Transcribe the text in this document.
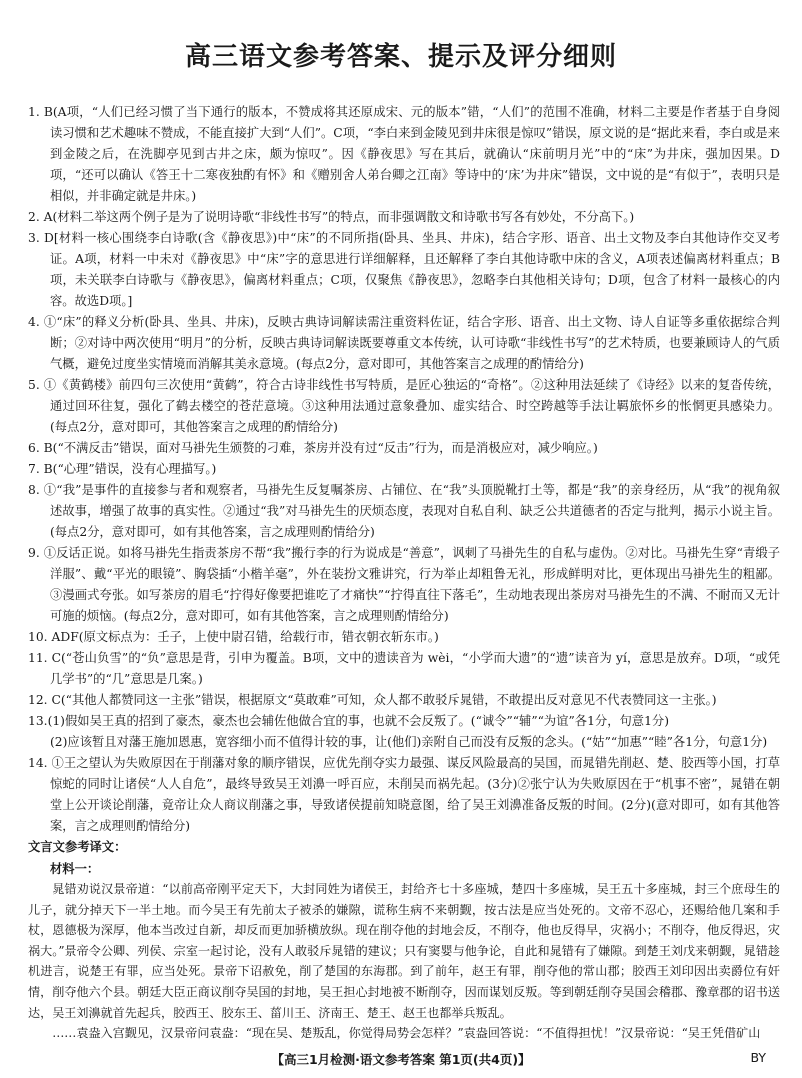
高三语文参考答案、提示及评分细则

1. B(A项，“人们已经习惯了当下通行的版本，不赞成将其还原成宋、元的版本”错，“人们”的范围不准确，材料二主要是作者基于自身阅读习惯和艺术趣味不赞成，不能直接扩大到“人们”。C项，“李白来到金陵见到井床很是惊叹”错误，原文说的是“据此来看，李白或是来到金陵之后，在洗脚亭见到古井之床，颇为惊叹”。因《静夜思》写在其后，就确认“床前明月光”中的“床”为井床，强加因果。D项，“还可以确认《答王十二寒夜独酌有怀》和《赠别舍人弟台卿之江南》等诗中的‘床’为井床”错误，文中说的是“有似于”，表明只是相似，并非确定就是井床。)

2. A(材料二举这两个例子是为了说明诗歌“非线性书写”的特点，而非强调散文和诗歌书写各有妙处，不分高下。)

3. D[材料一核心围绕李白诗歌(含《静夜思》)中“床”的不同所指(卧具、坐具、井床)，结合字形、语音、出土文物及李白其他诗作交叉考证。A项，材料一中未对《静夜思》中“床”字的意思进行详细解释，且还解释了李白其他诗歌中床的含义，A项表述偏离材料重点；B项，未关联李白诗歌与《静夜思》，偏离材料重点；C项，仅聚焦《静夜思》，忽略李白其他相关诗句；D项，包含了材料一最核心的内容。故选D项。]

4. ①“床”的释义分析(卧具、坐具、井床)，反映古典诗词解读需注重资料佐证，结合字形、语音、出土文物、诗人自证等多重依据综合判断；②对诗中两次使用“明月”的分析，反映古典诗词解读既要尊重文本传统，认可诗歌“非线性书写”的艺术特质，也要兼顾诗人的气质气概，避免过度坐实情境而消解其美永意境。(每点2分，意对即可，其他答案言之成理的酌情给分)

5. ①《黄鹤楼》前四句三次使用“黄鹤”，符合古诗非线性书写特质，是匠心独运的“奇格”。②这种用法延续了《诗经》以来的复沓传统，通过回环往复，强化了鹤去楼空的苍茫意境。③这种用法通过意象叠加、虚实结合、时空跨越等手法让羁旅怀乡的怅惘更具感染力。(每点2分，意对即可，其他答案言之成理的酌情给分)

6. B(“不满反击”错误，面对马褂先生颁赘的刁难，茶房并没有过“反击”行为，而是消极应对，减少响应。)

7. B(“心理”错误，没有心理描写。)

8. ①“我”是事件的直接参与者和观察者，马褂先生反复嘱茶房、占铺位、在“我”头顶脱靴打土等，都是“我”的亲身经历，从“我”的视角叙述故事，增强了故事的真实性。②通过“我”对马褂先生的厌烦态度，表现对自私自利、缺乏公共道德者的否定与批判，揭示小说主旨。(每点2分，意对即可，如有其他答案，言之成理则酌情给分)

9. ①反话正说。如将马褂先生指责茶房不帮“我”搬行李的行为说成是“善意”，讽刺了马褂先生的自私与虚伪。②对比。马褂先生穿“青缎子洋服”、戴“平光的眼镜”、胸袋插“小楷羊毫”，外在装扮文雅讲究，行为举止却粗鲁无礼，形成鲜明对比，更体现出马褂先生的粗鄙。③漫画式夸张。如写茶房的眉毛“拧得好像要把谁吃了才痛快”“拧得直往下落毛”，生动地表现出茶房对马褂先生的不满、不耐而又无计可施的烦恼。(每点2分，意对即可，如有其他答案，言之成理则酌情给分)

10. ADF(原文标点为：壬子，上使中尉召错，给载行市，错衣朝衣斩东市。)

11. C(“苍山负雪”的“负”意思是背，引申为覆盖。B项，文中的遗读音为 wèi，“小学而大遗”的“遗”读音为 yí，意思是放弃。D项，“或凭几学书”的“几”意思是几案。)

12. C(“其他人都赞同这一主张”错误，根据原文“莫敢难”可知，众人都不敢驳斥晁错，不敢提出反对意见不代表赞同这一主张。)

13.(1)假如吴王真的招到了豪杰，豪杰也会辅佐他做合宜的事，也就不会反叛了。(“诚令”“辅”“为谊”各1分，句意1分)

(2)应该暂且对藩王施加恩惠，宽容细小而不值得计较的事，让(他们)亲附自己而没有反叛的念头。(“姑”“加惠”“睦”各1分，句意1分)

14. ①王之望认为失败原因在于削藩对象的顺序错误，应优先削夺实力最强、谋反风险最高的吴国，而晁错先削赵、楚、胶西等小国，打草惊蛇的同时让诸侯“人人自危”，最终导致吴王刘濞一呼百应，未削吴而祸先起。(3分)②张宁认为失败原因在于“机事不密”，晁错在朝堂上公开谈论削藩，竟帝让众人商议削藩之事，导致诸侯提前知晓意图，给了吴王刘濞准备反叛的时间。(2分)(意对即可，如有其他答案，言之成理则酌情给分)

文言文参考译文：

材料一：

晁错劝说汉景帝道：“以前高帝刚平定天下，大封同姓为诸侯王，封给齐七十多座城，楚四十多座城，吴王五十多座城，封三个庶母生的儿子，就分掉天下一半土地。而今吴王有先前太子被杀的嫌隙，谎称生病不来朝觐，按古法是应当处死的。文帝不忍心，还赐给他几案和手杖，恩德极为深厚，他本当改过自新，却反而更加骄横放纵。现在削夺他的封地会反，不削夺，他也反得早，灾祸小；不削夺，他反得迟，灾祸大。”景帝令公卿、列侯、宗室一起讨论，没有人敢驳斥晁错的建议；只有窦婴与他争论，自此和晁错有了嫌隙。到楚王刘戊来朝觐，晁错趁机进言，说楚王有罪，应当处死。景帝下诏赦免，削了楚国的东海郡。到了前年，赵王有罪，削夺他的常山郡；胶西王刘印因出卖爵位有奸情，削夺他六个县。朝廷大臣正商议削夺吴国的封地，吴王担心封地被不断削夺，因而谋划反叛。等到朝廷削夺吴国会稽郡、豫章郡的诏书送达，吴王刘濞就首先起兵，胶西王、胶东王、菑川王、济南王、楚王、赵王也都举兵叛乱。

……袁盎入宫觐见，汉景帝问袁盎：“现在吴、楚叛乱，你觉得局势会怎样？”袁盎回答说：“不值得担忧！”汉景帝说：“吴王凭借矿山

【高三1月检测·语文参考答案 第1页(共4页)】	BY
